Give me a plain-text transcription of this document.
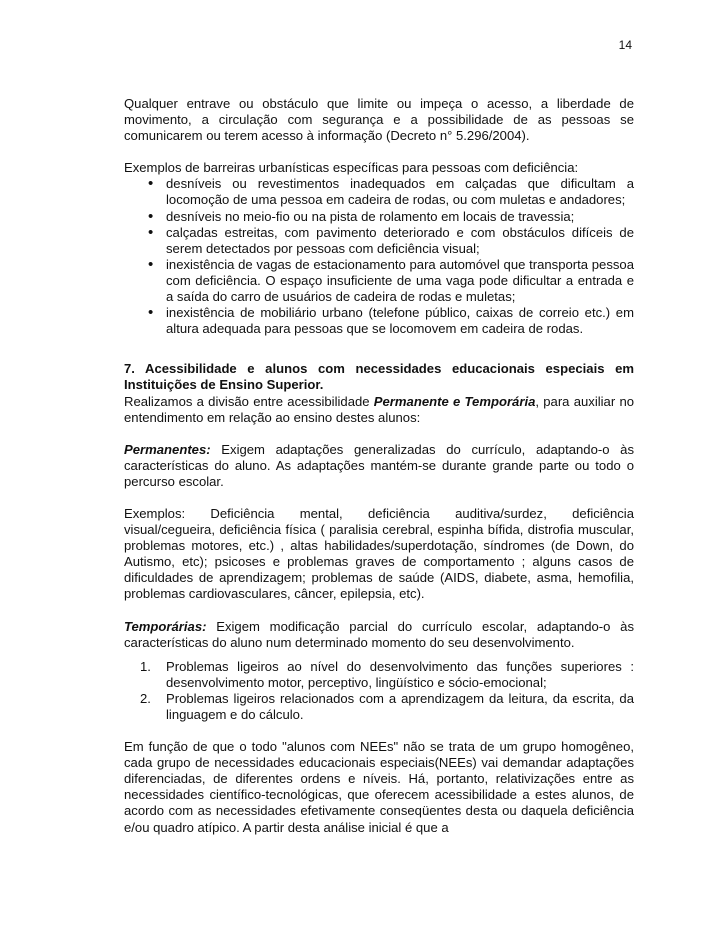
14

Qualquer entrave ou obstáculo que limite ou impeça o acesso, a liberdade de movimento, a circulação com segurança e a possibilidade de as pessoas se comunicarem ou terem acesso à informação (Decreto n° 5.296/2004).

Exemplos de barreiras urbanísticas específicas para pessoas com deficiência:

• desníveis ou revestimentos inadequados em calçadas que dificultam a locomoção de uma pessoa em cadeira de rodas, ou com muletas e andadores;
• desníveis no meio-fio ou na pista de rolamento em locais de travessia;
• calçadas estreitas, com pavimento deteriorado e com obstáculos difíceis de serem detectados por pessoas com deficiência visual;
• inexistência de vagas de estacionamento para automóvel que transporta pessoa com deficiência. O espaço insuficiente de uma vaga pode dificultar a entrada e a saída do carro de usuários de cadeira de rodas e muletas;
• inexistência de mobiliário urbano (telefone público, caixas de correio etc.) em altura adequada para pessoas que se locomovem em cadeira de rodas.

7. Acessibilidade e alunos com necessidades educacionais especiais em Instituições de Ensino Superior.

Realizamos a divisão entre acessibilidade Permanente e Temporária, para auxiliar no entendimento em relação ao ensino destes alunos:

Permanentes: Exigem adaptações generalizadas do currículo, adaptando-o às características do aluno. As adaptações mantém-se durante grande parte ou todo o percurso escolar.

Exemplos: Deficiência mental, deficiência auditiva/surdez, deficiência

visual/cegueira, deficiência física ( paralisia cerebral, espinha bífida, distrofia muscular, problemas motores, etc.) , altas habilidades/superdotação, síndromes (de Down, do Autismo, etc); psicoses e problemas graves de comportamento ; alguns casos de dificuldades de aprendizagem; problemas de saúde (AIDS, diabete, asma, hemofilia, problemas cardiovasculares, câncer, epilepsia, etc).

Temporárias: Exigem modificação parcial do currículo escolar, adaptando-o às características do aluno num determinado momento do seu desenvolvimento.

1. Problemas ligeiros ao nível do desenvolvimento das funções superiores : desenvolvimento motor, perceptivo, lingüístico e sócio-emocional;
2. Problemas ligeiros relacionados com a aprendizagem da leitura, da escrita, da linguagem e do cálculo.

Em função de que o todo "alunos com NEEs" não se trata de um grupo homogêneo, cada grupo de necessidades educacionais especiais(NEEs) vai demandar adaptações diferenciadas, de diferentes ordens e níveis. Há, portanto, relativizações entre as necessidades científico-tecnológicas, que oferecem acessibilidade a estes alunos, de acordo com as necessidades efetivamente conseqüentes desta ou daquela deficiência e/ou quadro atípico. A partir desta análise inicial é que a
